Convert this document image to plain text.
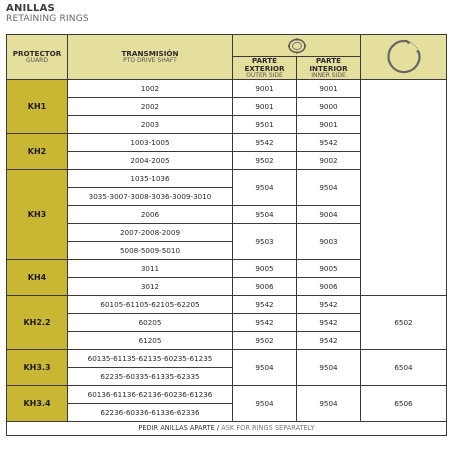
ANILLAS
RETAINING RINGS
PROTECTOR
GUARD	TRANSMISIÓN
PTO DRIVE SHAFT

		PARTE EXTERIOR
OUTER SIDE	PARTE INTERIOR
INNER SIDE	

KH1	1002	9001	9001	
	2002	9001	9000	
	2003	9501	9001	
KH2	1003-1005	9542	9542	
	2004-2005	9502	9002	
KH3	1035-1036	9504	9504	
	3035-3007-3008-3036-3009-3010			
	2006	9504	9004	
	2007-2008-2009	9503	9003	
	5008-5009-5010			
KH4	3011	9005	9005	
	3012	9006	9006	
KH2.2	60105-61105-62105-62205	9542	9542	6502
	60205	9542	9542	
	61205	9502	9542	
KH3.3	60135-61135-62135-60235-61235	9504	9504	6504
	62235-60335-61335-62335			
KH3.4	60136-61136-62136-60236-61236	9504	9504	6506
	62236-60336-61336-62336			
PEDIR ANILLAS APARTE / ASK FOR RINGS SEPARATELY				
